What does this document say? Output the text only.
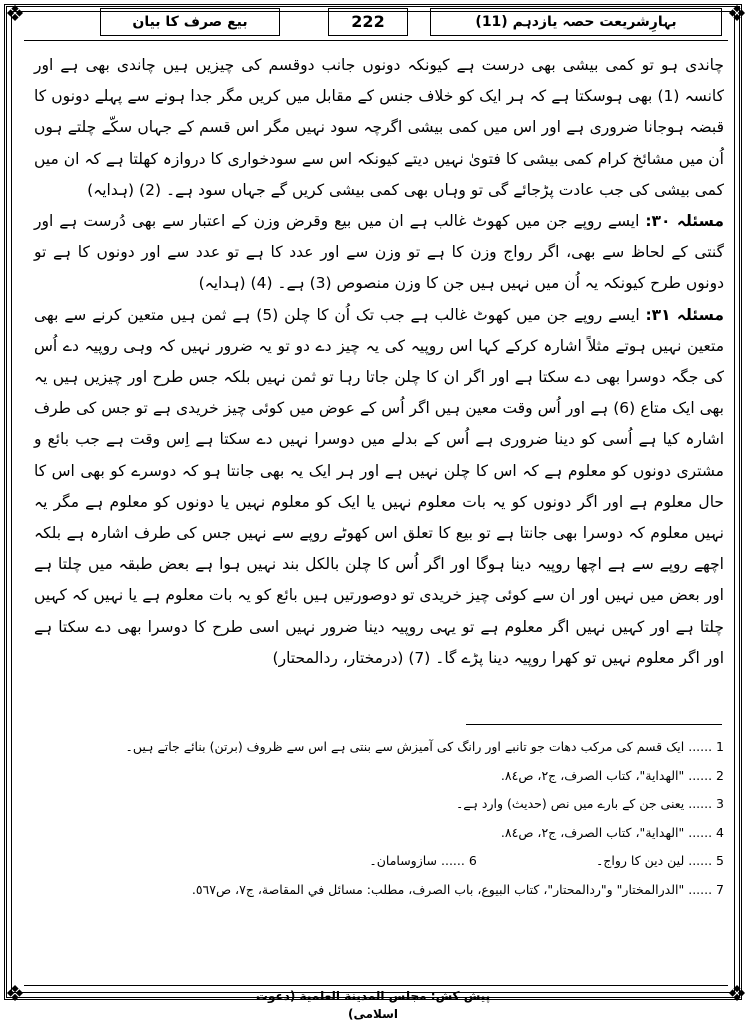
❖	❖
❖	❖
بیع صرف کا بیان	222	بہارِشریعت حصہ یازدہم (11)

چاندی ہو تو کمی بیشی بھی درست ہے کیونکہ دونوں جانب دوقسم کی چیزیں ہیں چاندی بھی ہے اور کانسہ (1) بھی ہوسکتا ہے کہ ہر ایک کو خلاف جنس کے مقابل میں کریں مگر جدا ہونے سے پہلے دونوں کا قبضہ ہوجانا ضروری ہے اور اس میں کمی بیشی اگرچہ سود نہیں مگر اس قسم کے جہاں سکّے چلتے ہوں اُن میں مشائخ کرام کمی بیشی کا فتویٰ نہیں دیتے کیونکہ اس سے سودخواری کا دروازہ کھلتا ہے کہ ان میں کمی بیشی کی جب عادت پڑجائے گی تو وہاں بھی کمی بیشی کریں گے جہاں سود ہے۔ (2) (ہدایہ)

مسئلہ ۳۰: ایسے روپے جن میں کھوٹ غالب ہے ان میں بیع وقرض وزن کے اعتبار سے بھی دُرست ہے اور گنتی کے لحاظ سے بھی، اگر رواج وزن کا ہے تو وزن سے اور عدد کا ہے تو عدد سے اور دونوں کا ہے تو دونوں طرح کیونکہ یہ اُن میں نہیں ہیں جن کا وزن منصوص (3) ہے۔ (4) (ہدایہ)

مسئلہ ۳۱: ایسے روپے جن میں کھوٹ غالب ہے جب تک اُن کا چلن (5) ہے ثمن ہیں متعین کرنے سے بھی متعین نہیں ہوتے مثلاً اشارہ کرکے کہا اس روپیہ کی یہ چیز دے دو تو یہ ضرور نہیں کہ وہی روپیہ دے اُس کی جگہ دوسرا بھی دے سکتا ہے اور اگر ان کا چلن جاتا رہا تو ثمن نہیں بلکہ جس طرح اور چیزیں ہیں یہ بھی ایک متاع (6) ہے اور اُس وقت معین ہیں اگر اُس کے عوض میں کوئی چیز خریدی ہے تو جس کی طرف اشارہ کیا ہے اُسی کو دینا ضروری ہے اُس کے بدلے میں دوسرا نہیں دے سکتا ہے اِس وقت ہے جب بائع و مشتری دونوں کو معلوم ہے کہ اس کا چلن نہیں ہے اور ہر ایک یہ بھی جانتا ہو کہ دوسرے کو بھی اس کا حال معلوم ہے اور اگر دونوں کو یہ بات معلوم نہیں یا ایک کو معلوم نہیں یا دونوں کو معلوم ہے مگر یہ نہیں معلوم کہ دوسرا بھی جانتا ہے تو بیع کا تعلق اس کھوٹے روپے سے نہیں جس کی طرف اشارہ ہے بلکہ اچھے روپے سے ہے اچھا روپیہ دینا ہوگا اور اگر اُس کا چلن بالکل بند نہیں ہوا ہے بعض طبقہ میں چلتا ہے اور بعض میں نہیں اور ان سے کوئی چیز خریدی تو دوصورتیں ہیں بائع کو یہ بات معلوم ہے یا نہیں کہ کہیں چلتا ہے اور کہیں نہیں اگر معلوم ہے تو یہی روپیہ دینا ضرور نہیں اسی طرح کا دوسرا بھی دے سکتا ہے اور اگر معلوم نہیں تو کھرا روپیہ دینا پڑے گا۔ (7) (درمختار، ردالمحتار)

1 ...... ایک قسم کی مرکب دھات جو تانبے اور رانگ کی آمیزش سے بنتی ہے اس سے ظروف (برتن) بنائے جاتے ہیں۔
2 ...... "الهداية"، كتاب الصرف، ج۲، ص۸٤.
3 ...... یعنی جن کے بارے میں نص (حدیث) وارد ہے۔
4 ...... "الهداية"، كتاب الصرف، ج۲، ص۸٤.
5 ...... لین دین کا رواج۔                              6 ...... سازوسامان۔
7 ...... "الدرالمختار" و"ردالمحتار"، كتاب البيوع، باب الصرف، مطلب: مسائل في المقاصة، ج۷، ص٥٦٧.
پیش کش: مجلس المدينة العلمية (دعوت اسلامی)
